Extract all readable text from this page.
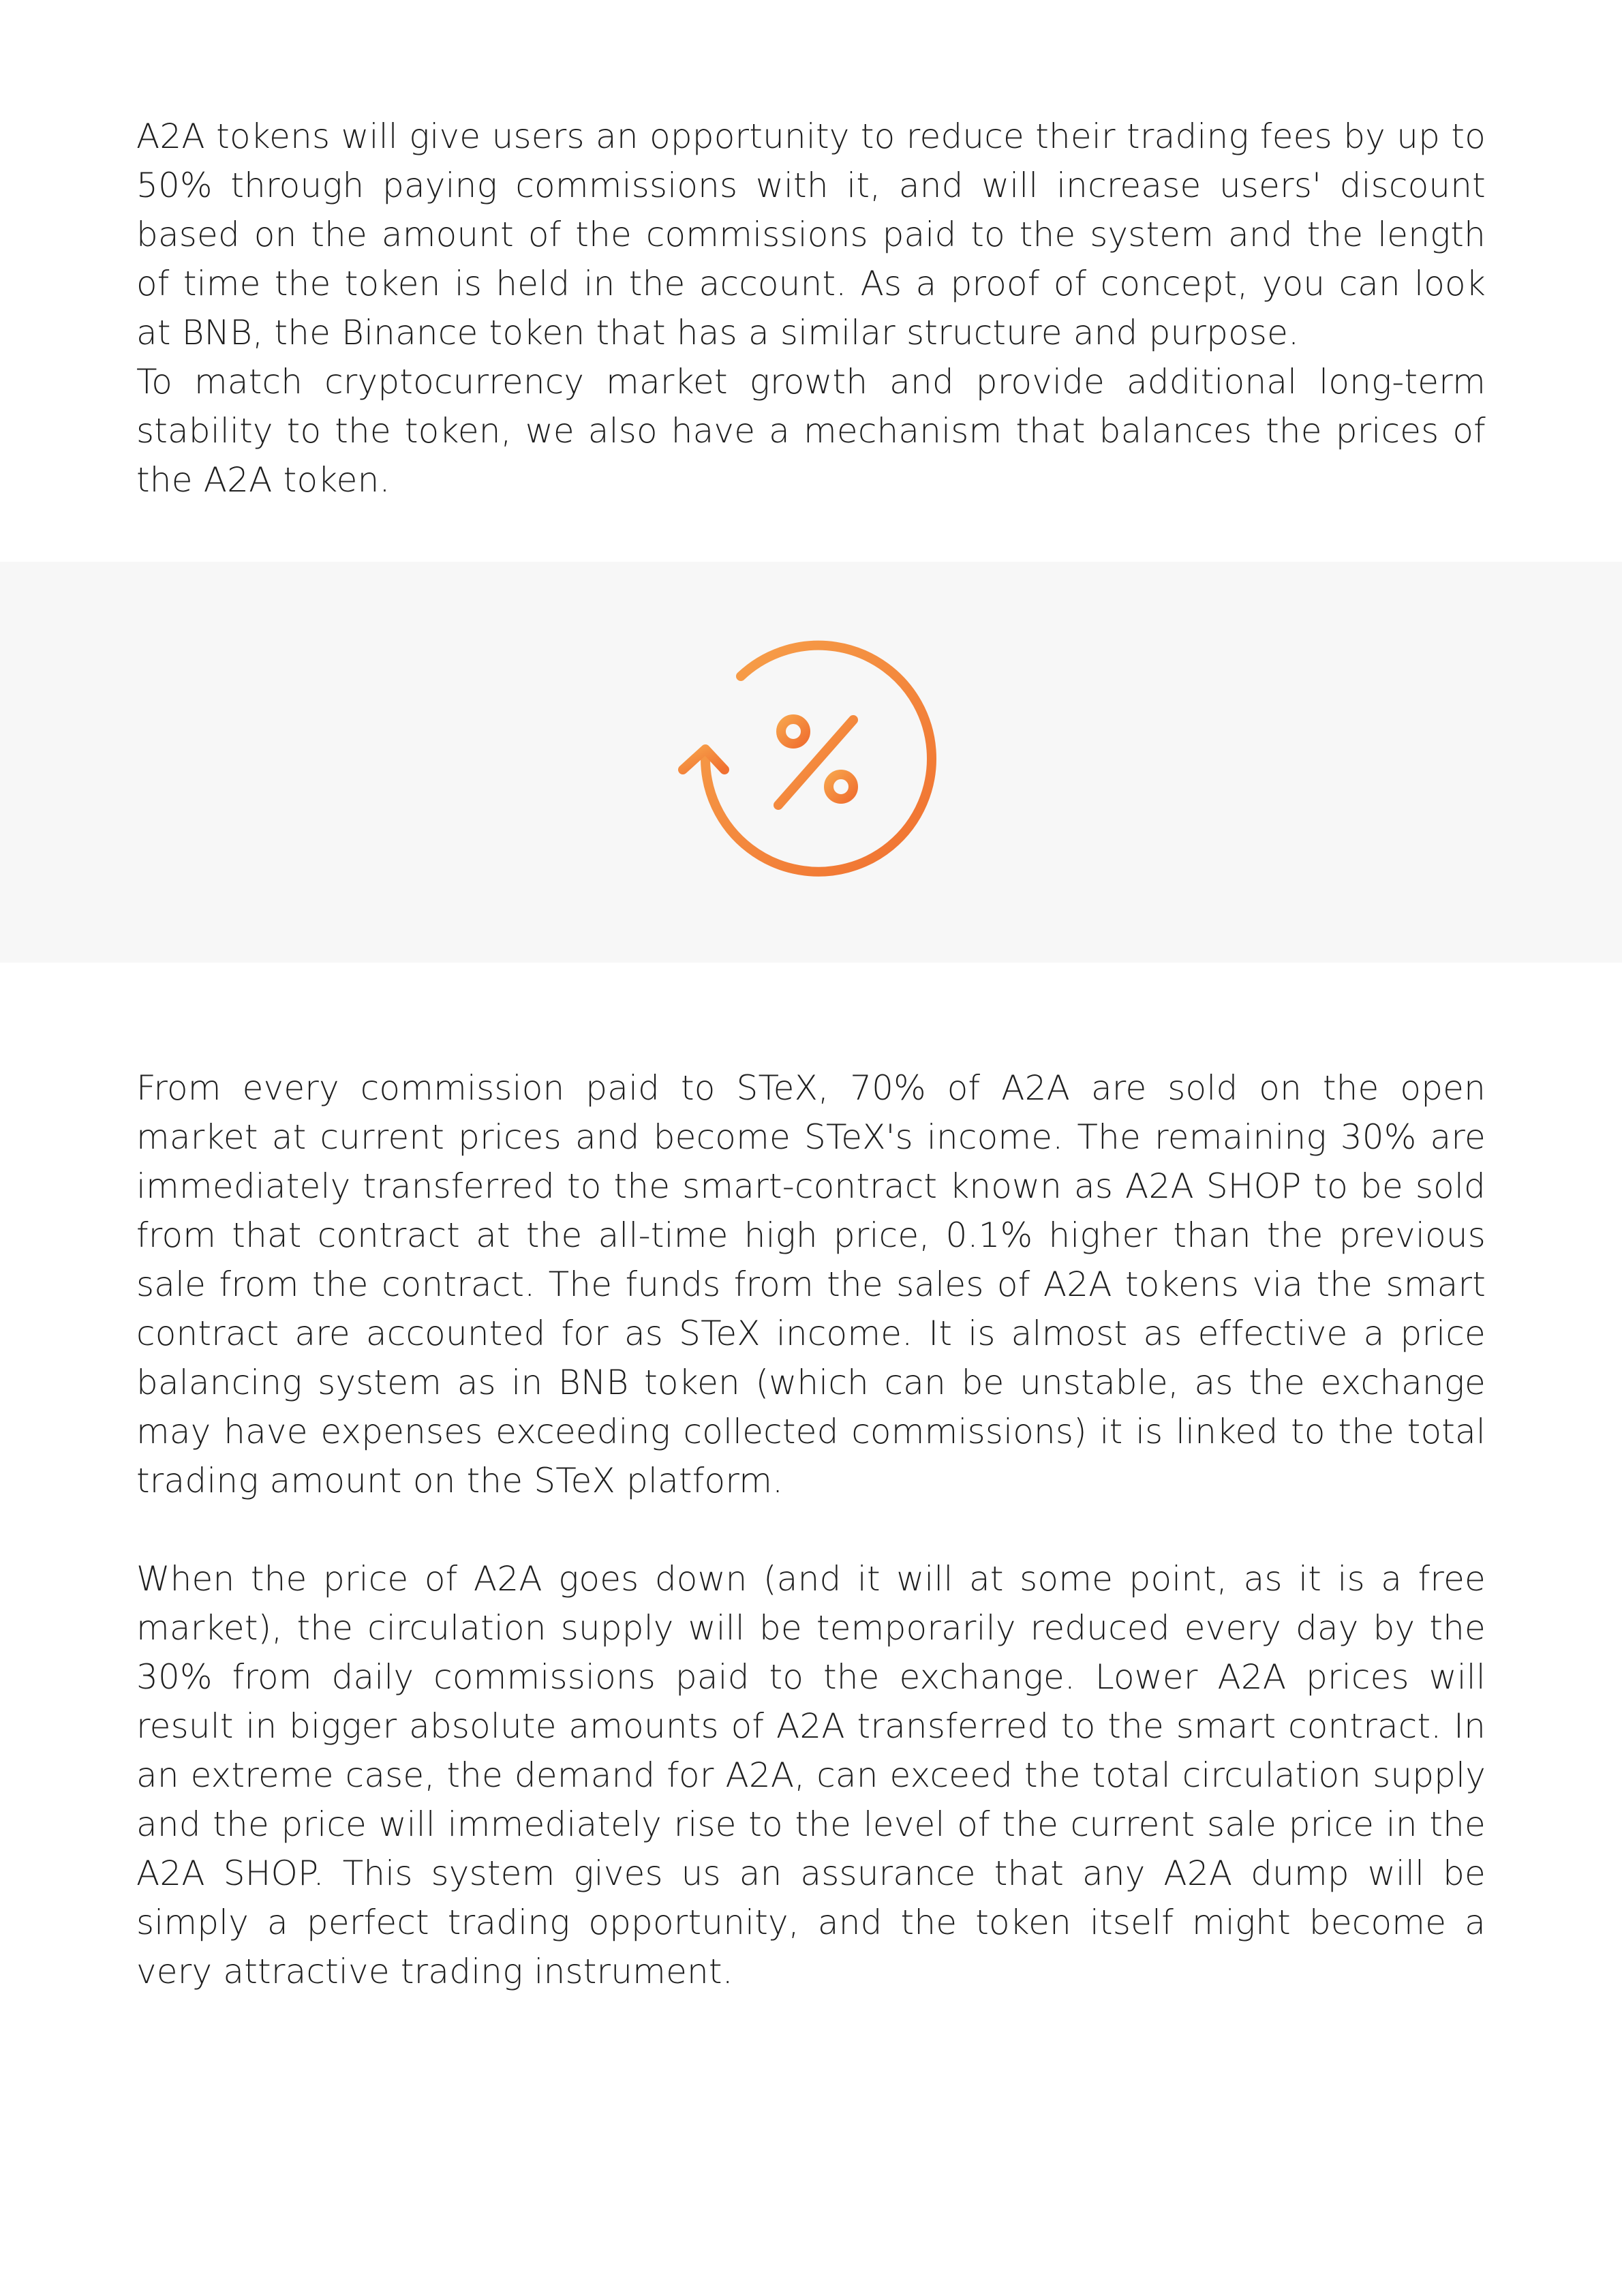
A2A tokens will give users an opportunity to reduce their trading fees by up to 50% through paying commissions with it, and will increase users' discount based on the amount of the commissions paid to the system and the length of time the token is held in the account. As a proof of concept, you can look at BNB, the Binance token that has a similar structure and purpose.

To match cryptocurrency market growth and provide additional long-term stability to the token, we also have a mechanism that balances the prices of the A2A token.

From every commission paid to STeX, 70% of A2A are sold on the open market at current prices and become STeX's income. The remaining 30% are immediately transferred to the smart-contract known as A2A SHOP to be sold from that contract at the all-time high price, 0.1% higher than the previous sale from the contract. The funds from the sales of A2A tokens via the smart contract are accounted for as STeX income. It is almost as effective a price balancing system as in BNB token (which can be unstable, as the exchange may have expenses exceeding collected commissions) it is linked to the total trading amount on the STeX platform.

When the price of A2A goes down (and it will at some point, as it is a free market), the circulation supply will be temporarily reduced every day by the 30% from daily commissions paid to the exchange. Lower A2A prices will result in bigger absolute amounts of A2A transferred to the smart contract. In an extreme case, the demand for A2A, can exceed the total circulation supply and the price will immediately rise to the level of the current sale price in the A2A SHOP. This system gives us an assurance that any A2A dump will be simply a perfect trading opportunity, and the token itself might become a very attractive trading instrument.
